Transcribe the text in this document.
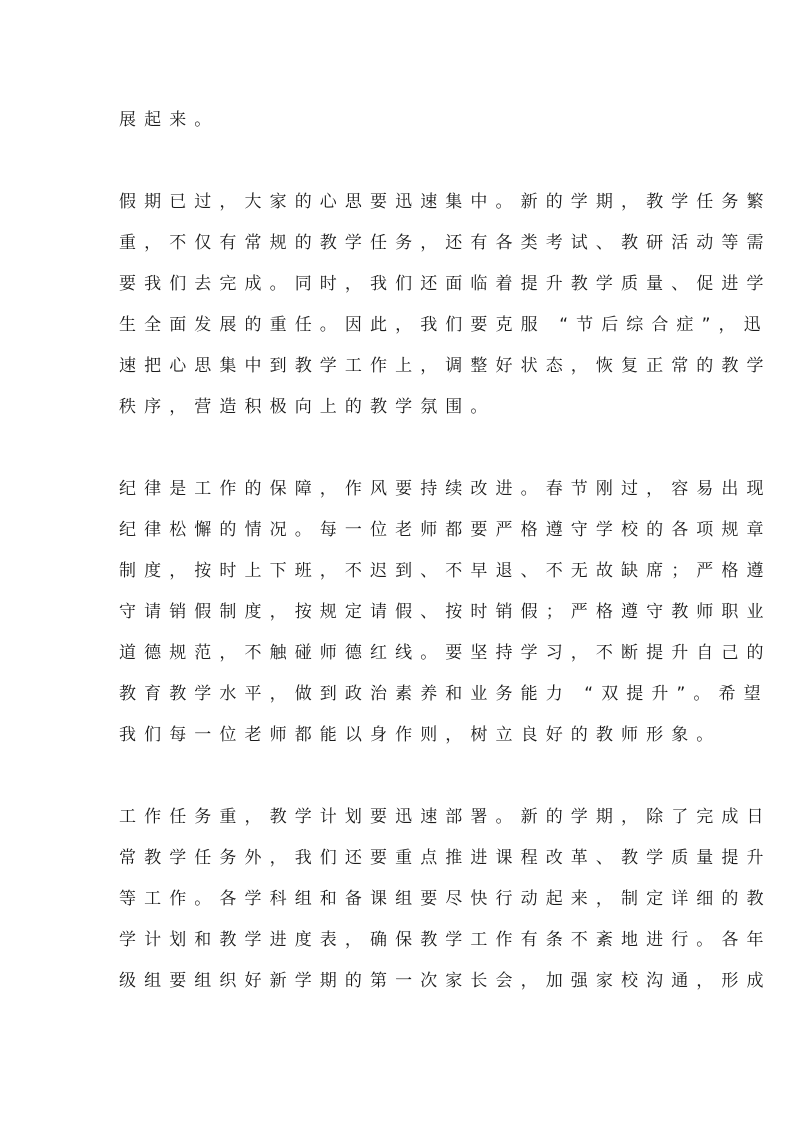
展起来。

假期已过，大家的心思要迅速集中。新的学期，教学任务繁
重，不仅有常规的教学任务，还有各类考试、教研活动等需
要我们去完成。同时，我们还面临着提升教学质量、促进学
生全面发展的重任。因此，我们要克服 “节后综合症”，迅
速把心思集中到教学工作上，调整好状态，恢复正常的教学
秩序，营造积极向上的教学氛围。

纪律是工作的保障，作风要持续改进。春节刚过，容易出现
纪律松懈的情况。每一位老师都要严格遵守学校的各项规章
制度，按时上下班，不迟到、不早退、不无故缺席；严格遵
守请销假制度，按规定请假、按时销假；严格遵守教师职业
道德规范，不触碰师德红线。要坚持学习，不断提升自己的
教育教学水平，做到政治素养和业务能力 “双提升”。希望
我们每一位老师都能以身作则，树立良好的教师形象。

工作任务重，教学计划要迅速部署。新的学期，除了完成日
常教学任务外，我们还要重点推进课程改革、教学质量提升
等工作。各学科组和备课组要尽快行动起来，制定详细的教
学计划和教学进度表，确保教学工作有条不紊地进行。各年
级组要组织好新学期的第一次家长会，加强家校沟通，形成
